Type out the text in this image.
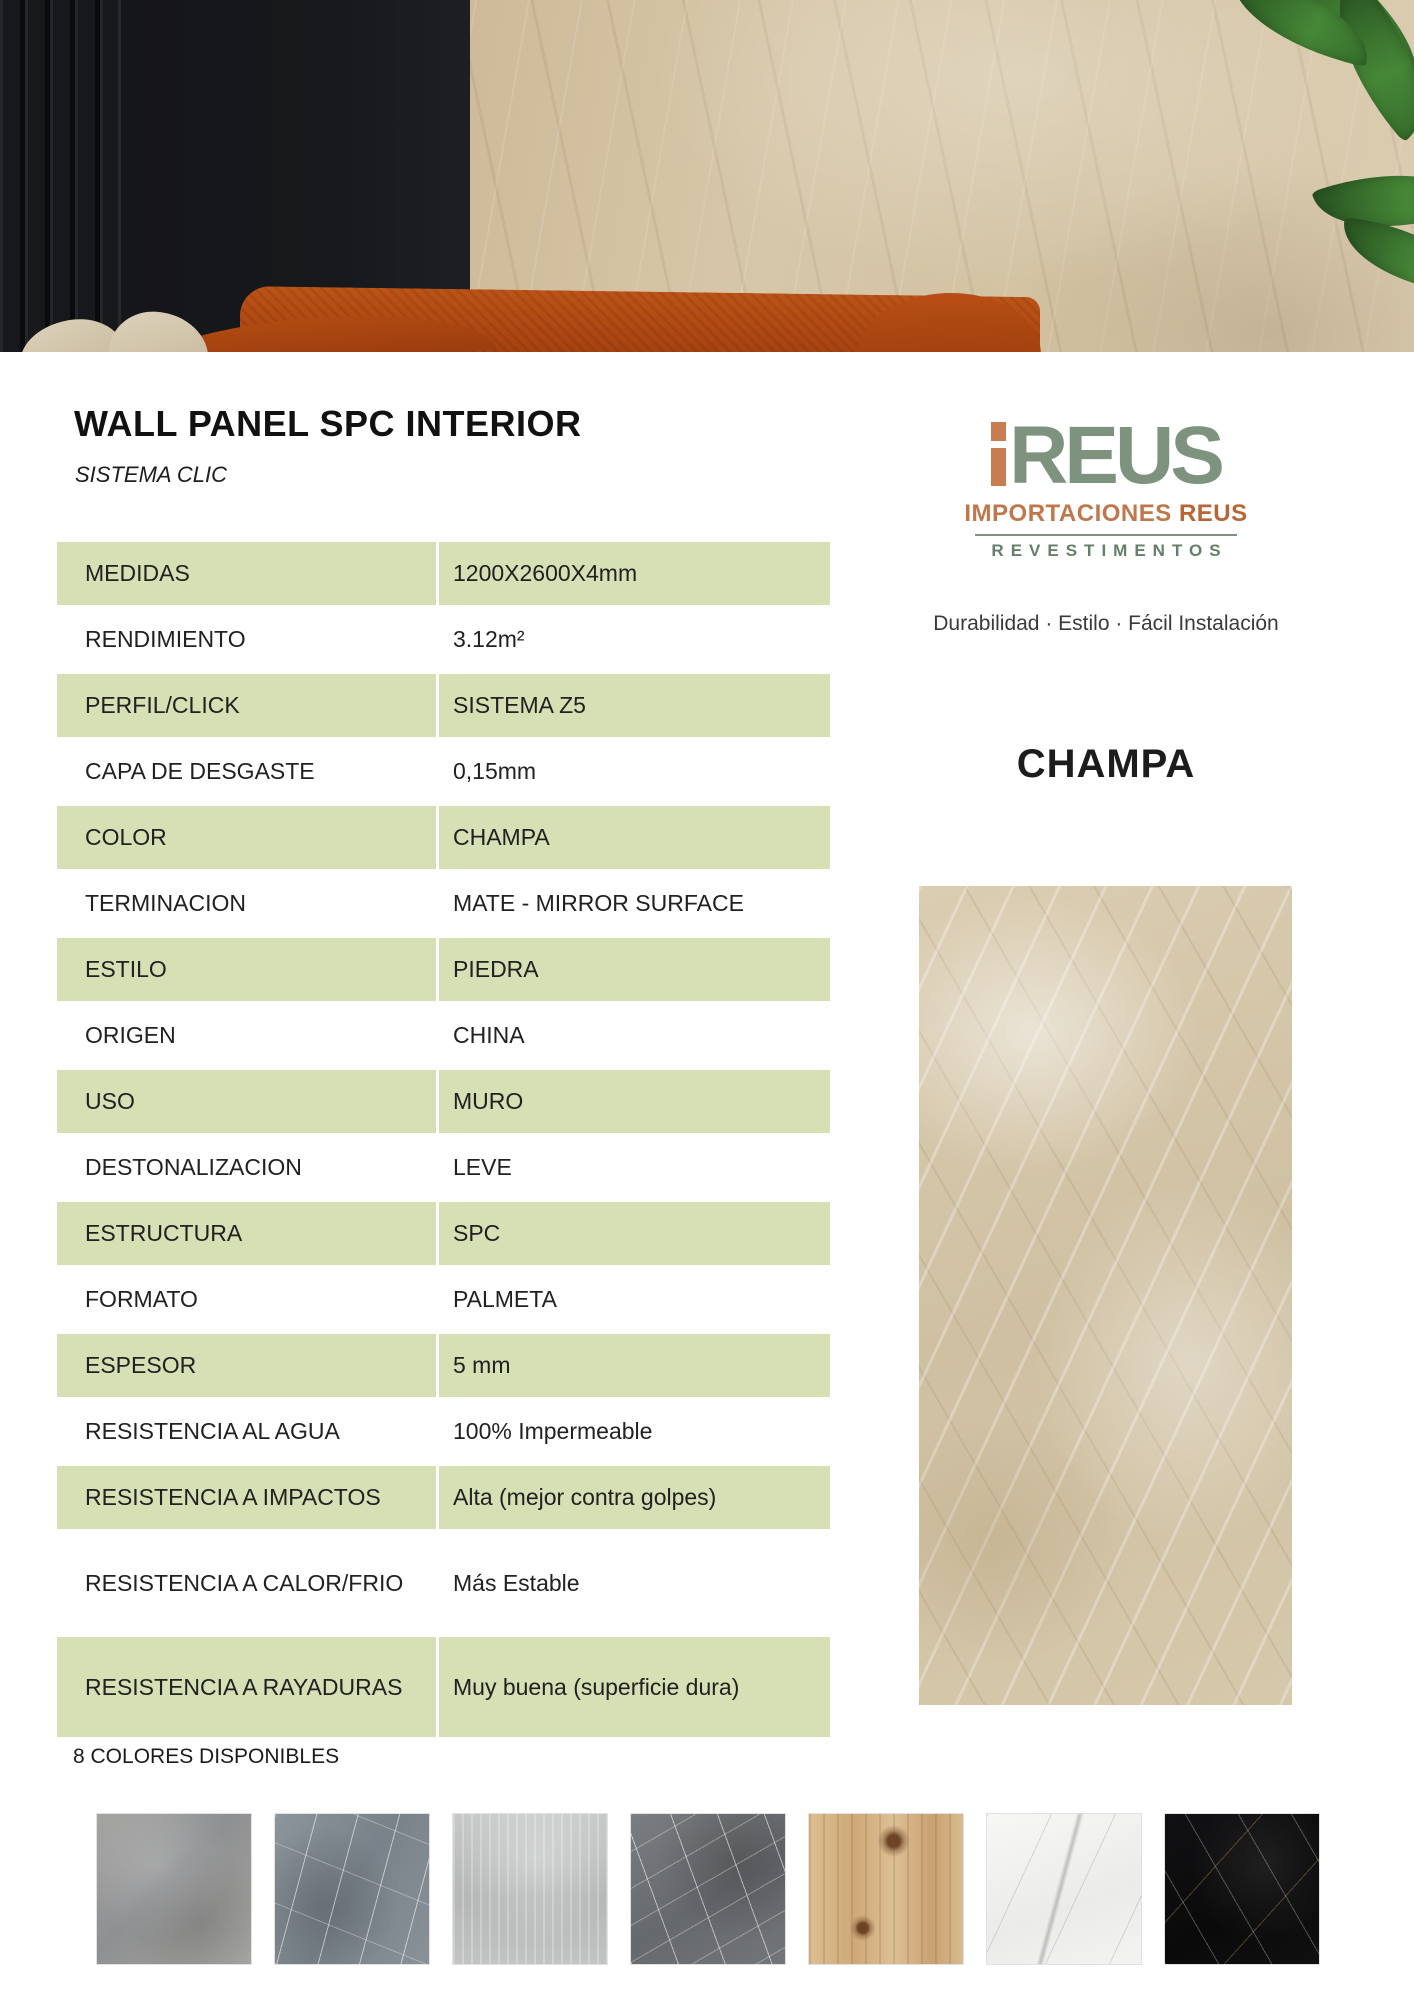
WALL PANEL SPC INTERIOR
SISTEMA CLIC
MEDIDAS	1200X2600X4mm
RENDIMIENTO	3.12m²
PERFIL/CLICK	SISTEMA Z5
CAPA DE DESGASTE	0,15mm
COLOR	CHAMPA
TERMINACION	MATE - MIRROR SURFACE
ESTILO	PIEDRA
ORIGEN	CHINA
USO	MURO
DESTONALIZACION	LEVE
ESTRUCTURA	SPC
FORMATO	PALMETA
ESPESOR	5 mm
RESISTENCIA AL AGUA	100% Impermeable
RESISTENCIA A IMPACTOS	Alta (mejor contra golpes)
RESISTENCIA A CALOR/FRIO	Más Estable
RESISTENCIA A RAYADURAS	Muy buena (superficie dura)
REUS
IMPORTACIONES REUS
REVESTIMENTOS
Durabilidad · Estilo · Fácil Instalación
CHAMPA
8 COLORES DISPONIBLES
